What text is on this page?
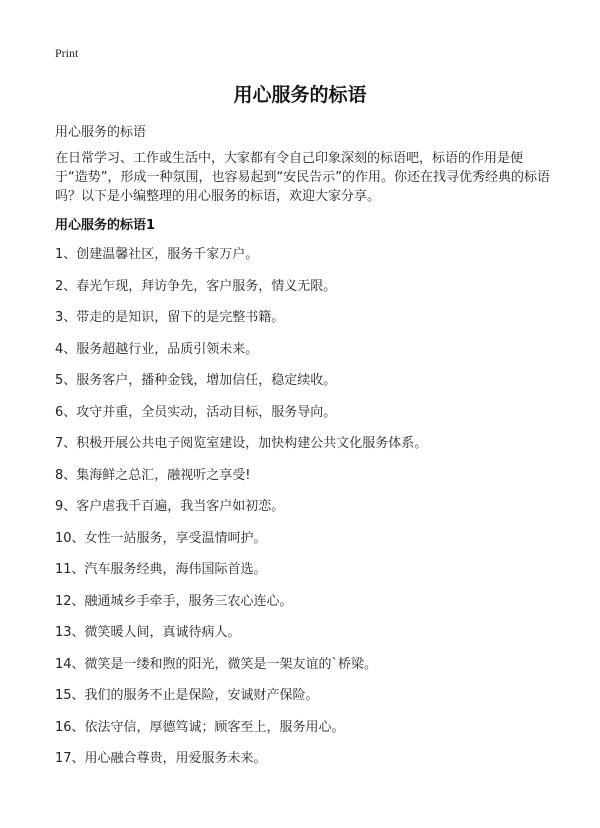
Print
用心服务的标语
用心服务的标语

在日常学习、工作或生活中，大家都有令自己印象深刻的标语吧，标语的作用是便于“造势”，形成一种氛围，也容易起到“安民告示”的作用。你还在找寻优秀经典的标语吗？以下是小编整理的用心服务的标语，欢迎大家分享。

用心服务的标语1
1、创建温馨社区，服务千家万户。
2、春光乍现，拜访争先，客户服务，情义无限。
3、带走的是知识，留下的是完整书籍。
4、服务超越行业，品质引领未来。
5、服务客户，播种金钱，增加信任，稳定续收。
6、攻守并重，全员实动，活动目标，服务导向。
7、积极开展公共电子阅览室建设，加快构建公共文化服务体系。
8、集海鲜之总汇，融视听之享受!
9、客户虐我千百遍，我当客户如初恋。
10、女性一站服务，享受温情呵护。
11、汽车服务经典，海伟国际首选。
12、融通城乡手牵手，服务三农心连心。
13、微笑暖人间，真诚待病人。
14、微笑是一缕和煦的阳光，微笑是一架友谊的`桥梁。
15、我们的服务不止是保险，安诚财产保险。
16、依法守信，厚德笃诚；顾客至上，服务用心。
17、用心融合尊贵，用爱服务未来。
